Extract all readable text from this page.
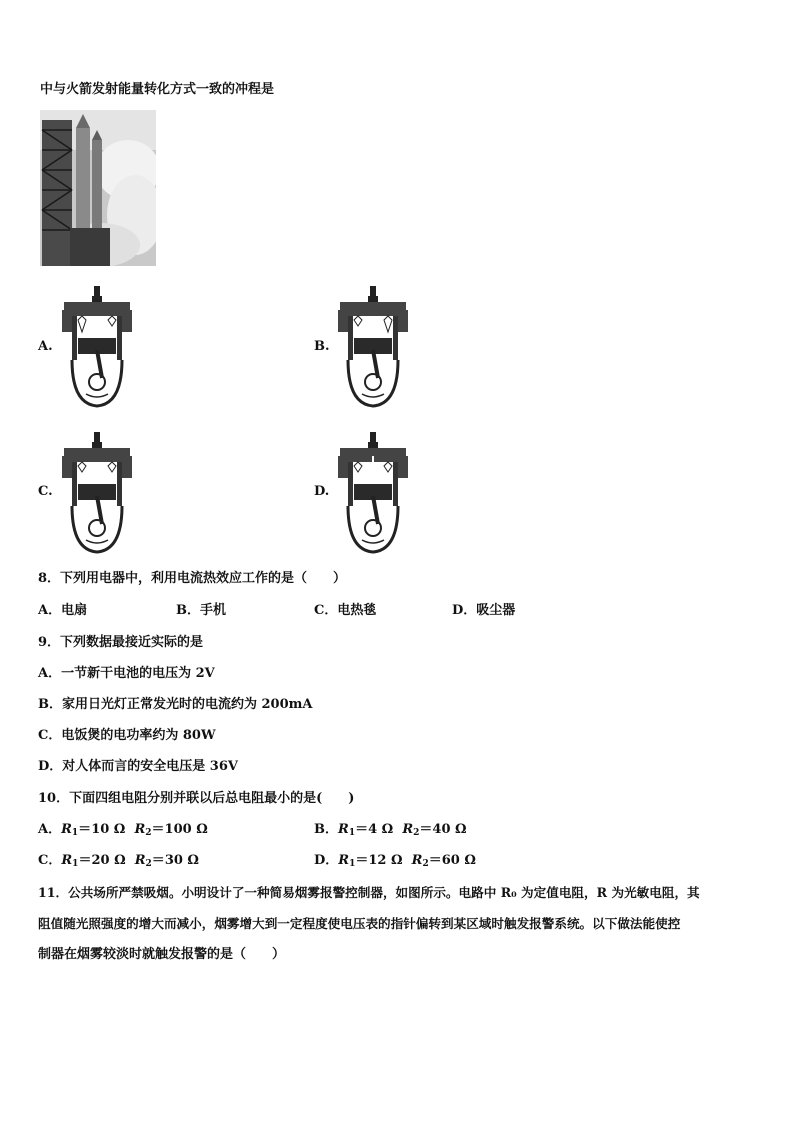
中与火箭发射能量转化方式一致的冲程是
A.	B.
C.	D.
8．下列用电器中，利用电流热效应工作的是（　　）
A．电扇	B．手机	C．电热毯	D．吸尘器
9．下列数据最接近实际的是
A．一节新干电池的电压为 2V
B．家用日光灯正常发光时的电流约为 200mA
C．电饭煲的电功率约为 80W
D．对人体而言的安全电压是 36V
10．下面四组电阻分别并联以后总电阻最小的是(　　)
A．$R_1=10$ Ω $R_2=100$ Ω	B．$R_1=4$ Ω $R_2=40$ Ω
C．$R_1=20$ Ω $R_2=30$ Ω	D．$R_1=12$ Ω $R_2=60$ Ω
11．公共场所严禁吸烟。小明设计了一种简易烟雾报警控制器，如图所示。电路中 R₀ 为定值电阻，R 为光敏电阻，其
阻值随光照强度的增大而减小，烟雾增大到一定程度使电压表的指针偏转到某区域时触发报警系统。以下做法能使控
制器在烟雾较淡时就触发报警的是（　　）
